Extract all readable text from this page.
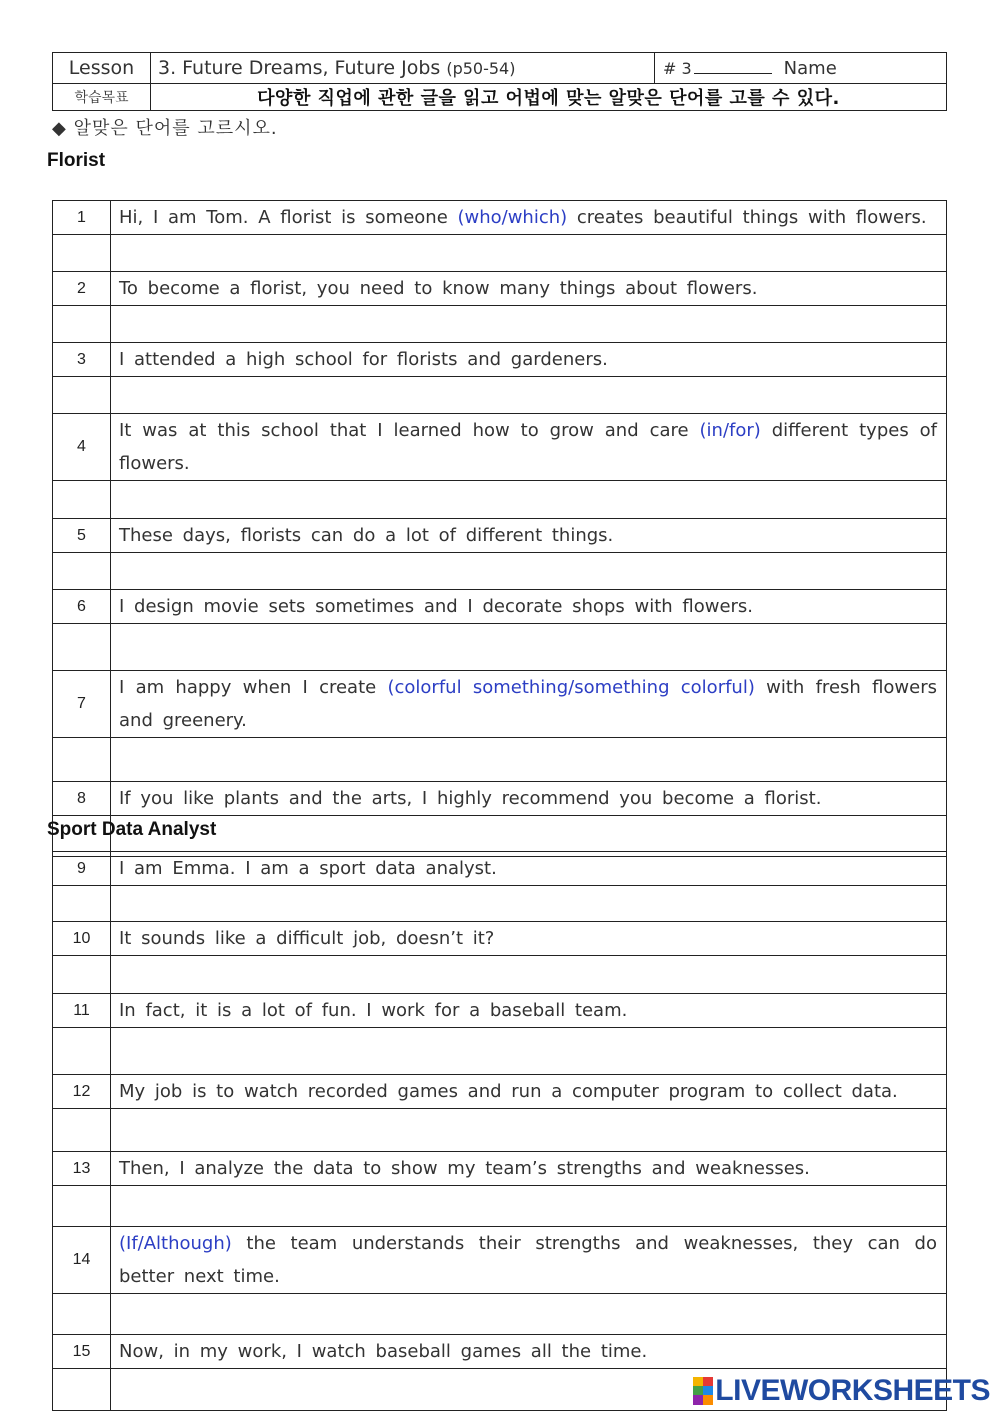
Lesson	3. Future Dreams, Future Jobs (p50-54)	# 3 Name
학습목표	다양한 직업에 관한 글을 읽고 어법에 맞는 알맞은 단어를 고를 수 있다.	
◆ 알맞은 단어를 고르시오.
Florist
1	Hi, I am Tom. A florist is someone (who/which) creates beautiful things with flowers.

2	To become a florist, you need to know many things about flowers.

3	I attended a high school for florists and gardeners.

4	It was at this school that I learned how to grow and care (in/for) different types of flowers.

5	These days, florists can do a lot of different things.

6	I design movie sets sometimes and I decorate shops with flowers.

7	I am happy when I create (colorful something/something colorful) with fresh flowers and greenery.

8	If you like plants and the arts, I highly recommend you become a florist.

Sport Data Analyst
9	I am Emma. I am a sport data analyst.

10	It sounds like a difficult job, doesn’t it?

11	In fact, it is a lot of fun. I work for a baseball team.

12	My job is to watch recorded games and run a computer program to collect data.

13	Then, I analyze the data to show my team’s strengths and weaknesses.

14	(If/Although) the team understands their strengths and weaknesses, they can do better next time.

15	Now, in my work, I watch baseball games all the time.

LIVEWORKSHEETS
